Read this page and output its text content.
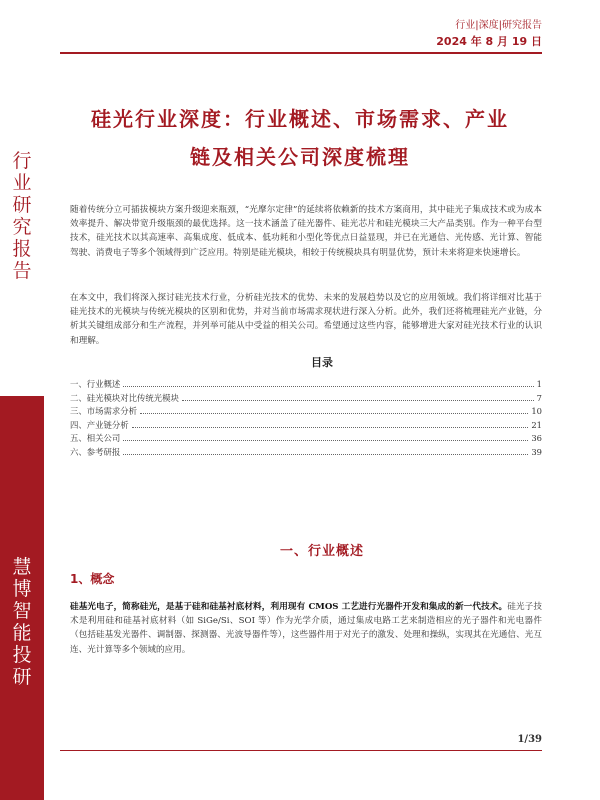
行
业
研
究
报
告
慧
博
智
能
投
研
行业|深度|研究报告
2024 年 8 月 19 日
硅光行业深度：行业概述、市场需求、产业
链及相关公司深度梳理
随着传统分立可插拔模块方案升级迎来瓶颈，“光摩尔定律”的延续将依赖新的技术方案商用，其中硅光子集成技术或为成本效率提升、解决带宽升级瓶颈的最优选择。这一技术涵盖了硅光器件、硅光芯片和硅光模块三大产品类别。作为一种平台型技术，硅光技术以其高速率、高集成度、低成本、低功耗和小型化等优点日益显现，并已在光通信、光传感、光计算、智能驾驶、消费电子等多个领域得到广泛应用。特别是硅光模块，相较于传统模块具有明显优势，预计未来将迎来快速增长。
在本文中，我们将深入探讨硅光技术行业，分析硅光技术的优势、未来的发展趋势以及它的应用领域。我们将详细对比基于硅光技术的光模块与传统光模块的区别和优势，并对当前市场需求现状进行深入分析。此外，我们还将梳理硅光产业链，分析其关键组成部分和生产流程，并列举可能从中受益的相关公司。希望通过这些内容，能够增进大家对硅光技术行业的认识和理解。
目录
一、行业概述	1
二、硅光模块对比传统光模块	7
三、市场需求分析	10
四、产业链分析	21
五、相关公司	36
六、参考研报	39
一、行业概述
1、概念
硅基光电子，简称硅光，是基于硅和硅基衬底材料，利用现有 CMOS 工艺进行光器件开发和集成的新一代技术。硅光子技术是利用硅和硅基衬底材料（如 SiGe/Si、SOI 等）作为光学介质，通过集成电路工艺来制造相应的光子器件和光电器件（包括硅基发光器件、调制器、探测器、光波导器件等），这些器件用于对光子的激发、处理和操纵，实现其在光通信、光互连、光计算等多个领域的应用。
1/39
